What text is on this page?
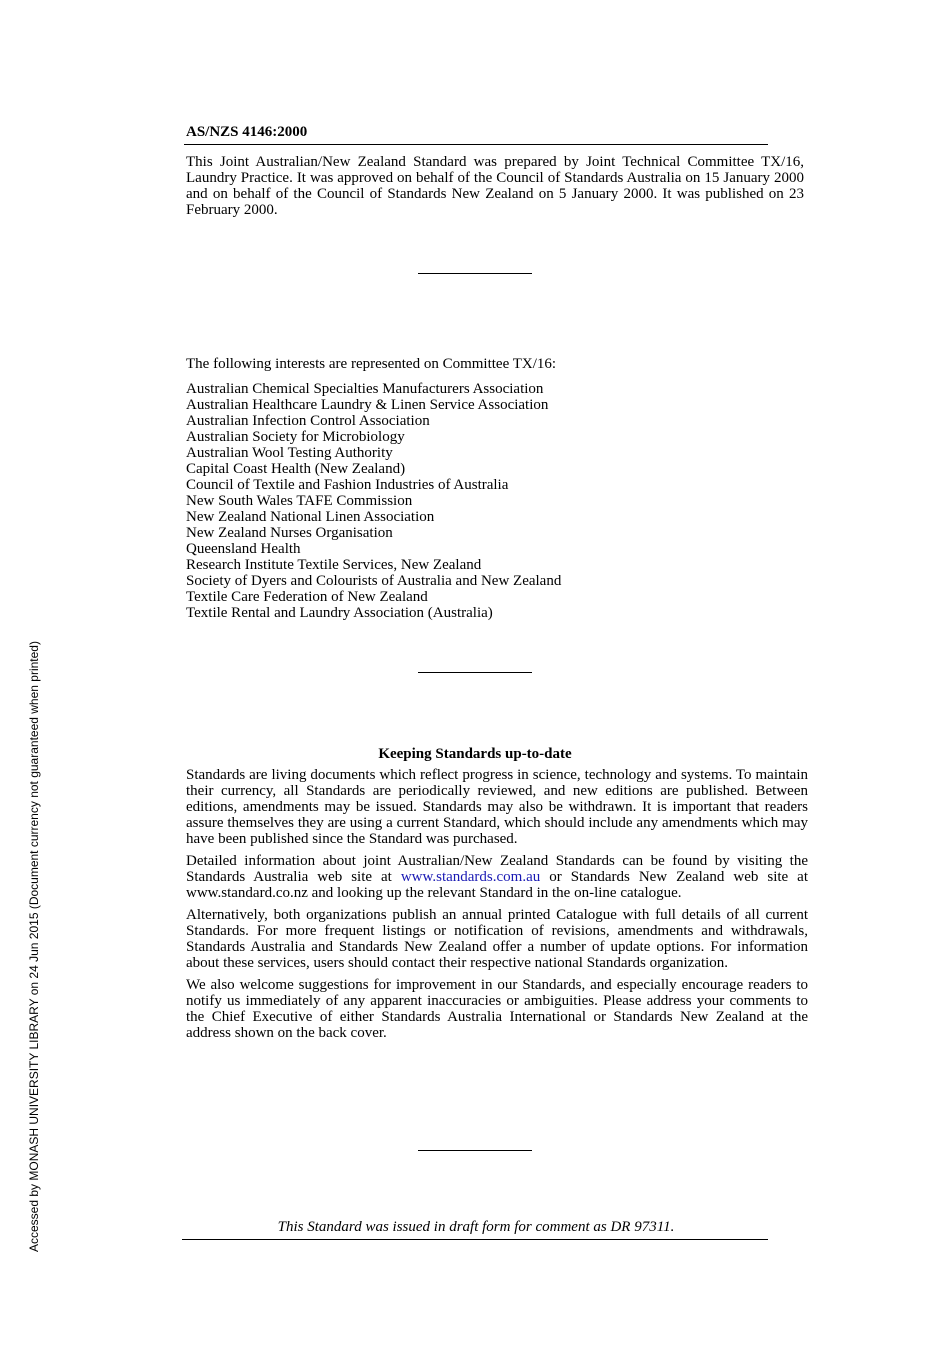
AS/NZS 4146:2000

This Joint Australian/New Zealand Standard was prepared by Joint Technical Committee TX/16, Laundry Practice. It was approved on behalf of the Council of Standards Australia on 15 January 2000 and on behalf of the Council of Standards New Zealand on 5 January 2000. It was published on 23 February 2000.

The following interests are represented on Committee TX/16:
Australian Chemical Specialties Manufacturers Association
Australian Healthcare Laundry & Linen Service Association
Australian Infection Control Association
Australian Society for Microbiology
Australian Wool Testing Authority
Capital Coast Health (New Zealand)
Council of Textile and Fashion Industries of Australia
New South Wales TAFE Commission
New Zealand National Linen Association
New Zealand Nurses Organisation
Queensland Health
Research Institute Textile Services, New Zealand
Society of Dyers and Colourists of Australia and New Zealand
Textile Care Federation of New Zealand
Textile Rental and Laundry Association (Australia)
Keeping Standards up-to-date

Standards are living documents which reflect progress in science, technology and systems. To maintain their currency, all Standards are periodically reviewed, and new editions are published. Between editions, amendments may be issued. Standards may also be withdrawn. It is important that readers assure themselves they are using a current Standard, which should include any amendments which may have been published since the Standard was purchased.

Detailed information about joint Australian/New Zealand Standards can be found by visiting the Standards Australia web site at www.standards.com.au or Standards New Zealand web site at www.standard.co.nz and looking up the relevant Standard in the on-line catalogue.

Alternatively, both organizations publish an annual printed Catalogue with full details of all current Standards. For more frequent listings or notification of revisions, amendments and withdrawals, Standards Australia and Standards New Zealand offer a number of update options. For information about these services, users should contact their respective national Standards organization.

We also welcome suggestions for improvement in our Standards, and especially encourage readers to notify us immediately of any apparent inaccuracies or ambiguities. Please address your comments to the Chief Executive of either Standards Australia International or Standards New Zealand at the address shown on the back cover.

This Standard was issued in draft form for comment as DR 97311.
Accessed by MONASH UNIVERSITY LIBRARY on 24 Jun 2015 (Document currency not guaranteed when printed)
